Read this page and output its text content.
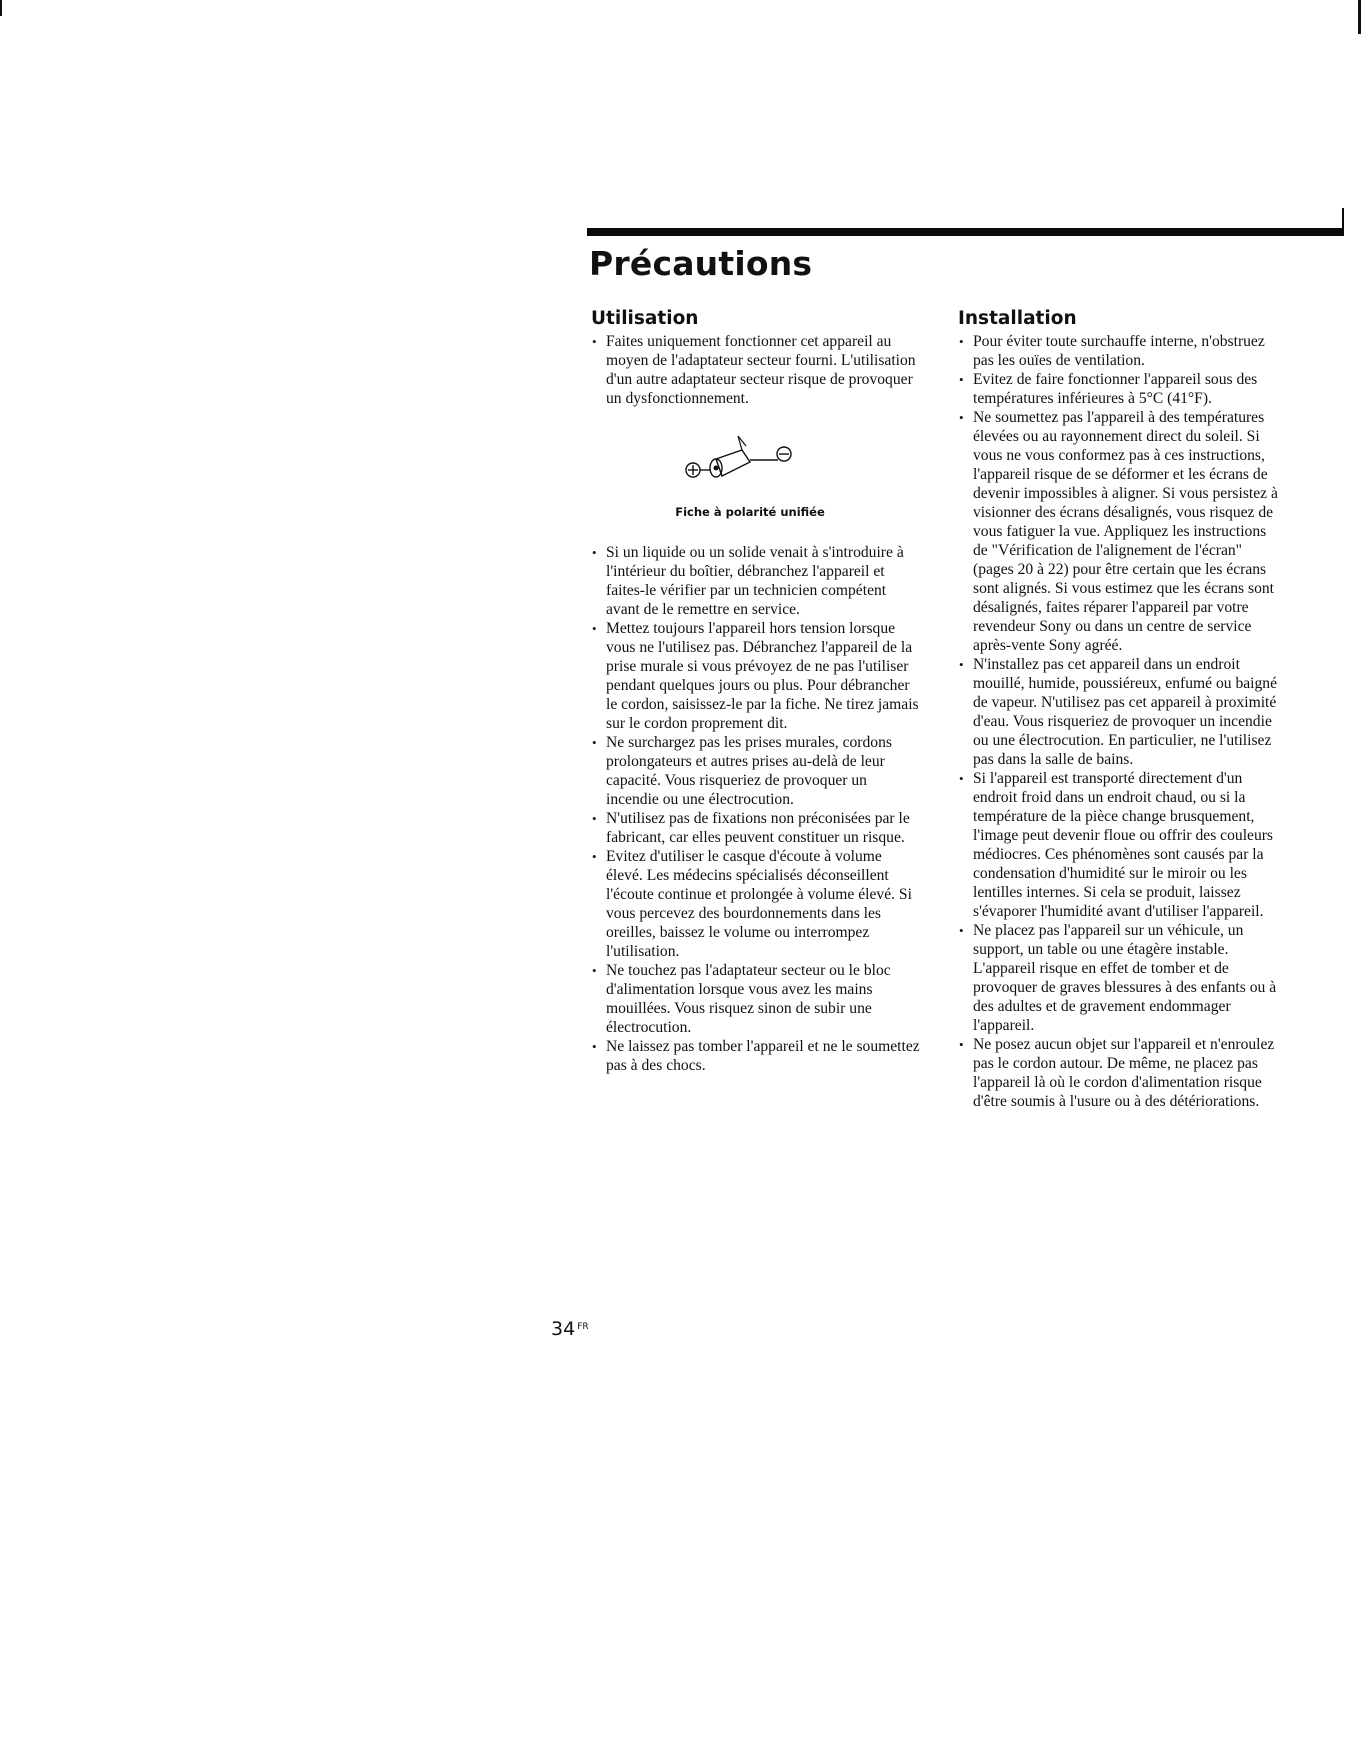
Précautions
Utilisation
• Faites uniquement fonctionner cet appareil au moyen de l'adaptateur secteur fourni. L'utilisation d'un autre adaptateur secteur risque de provoquer un dysfonctionnement.
Fiche à polarité unifiée
• Si un liquide ou un solide venait à s'introduire à l'intérieur du boîtier, débranchez l'appareil et faites-le vérifier par un technicien compétent avant de le remettre en service.
• Mettez toujours l'appareil hors tension lorsque vous ne l'utilisez pas. Débranchez l'appareil de la prise murale si vous prévoyez de ne pas l'utiliser pendant quelques jours ou plus. Pour débrancher le cordon, saisissez-le par la fiche. Ne tirez jamais sur le cordon proprement dit.
• Ne surchargez pas les prises murales, cordons prolongateurs et autres prises au-delà de leur capacité. Vous risqueriez de provoquer un incendie ou une électrocution.
• N'utilisez pas de fixations non préconisées par le fabricant, car elles peuvent constituer un risque.
• Evitez d'utiliser le casque d'écoute à volume élevé. Les médecins spécialisés déconseillent l'écoute continue et prolongée à volume élevé. Si vous percevez des bourdonnements dans les oreilles, baissez le volume ou interrompez l'utilisation.
• Ne touchez pas l'adaptateur secteur ou le bloc d'alimentation lorsque vous avez les mains mouillées. Vous risquez sinon de subir une électrocution.
• Ne laissez pas tomber l'appareil et ne le soumettez pas à des chocs.
Installation
• Pour éviter toute surchauffe interne, n'obstruez pas les ouïes de ventilation.
• Evitez de faire fonctionner l'appareil sous des températures inférieures à 5°C (41°F).
• Ne soumettez pas l'appareil à des températures élevées ou au rayonnement direct du soleil. Si vous ne vous conformez pas à ces instructions, l'appareil risque de se déformer et les écrans de devenir impossibles à aligner. Si vous persistez à visionner des écrans désalignés, vous risquez de vous fatiguer la vue. Appliquez les instructions de "Vérification de l'alignement de l'écran" (pages 20 à 22) pour être certain que les écrans sont alignés. Si vous estimez que les écrans sont désalignés, faites réparer l'appareil par votre revendeur Sony ou dans un centre de service après-vente Sony agréé.
• N'installez pas cet appareil dans un endroit mouillé, humide, poussiéreux, enfumé ou baigné de vapeur. N'utilisez pas cet appareil à proximité d'eau. Vous risqueriez de provoquer un incendie ou une électrocution. En particulier, ne l'utilisez pas dans la salle de bains.
• Si l'appareil est transporté directement d'un endroit froid dans un endroit chaud, ou si la température de la pièce change brusquement, l'image peut devenir floue ou offrir des couleurs médiocres. Ces phénomènes sont causés par la condensation d'humidité sur le miroir ou les lentilles internes. Si cela se produit, laissez s'évaporer l'humidité avant d'utiliser l'appareil.
• Ne placez pas l'appareil sur un véhicule, un support, un table ou une étagère instable. L'appareil risque en effet de tomber et de provoquer de graves blessures à des enfants ou à des adultes et de gravement endommager l'appareil.
• Ne posez aucun objet sur l'appareil et n'enroulez pas le cordon autour. De même, ne placez pas l'appareil là où le cordon d'alimentation risque d'être soumis à l'usure ou à des détériorations.
34 $^{FR}$
